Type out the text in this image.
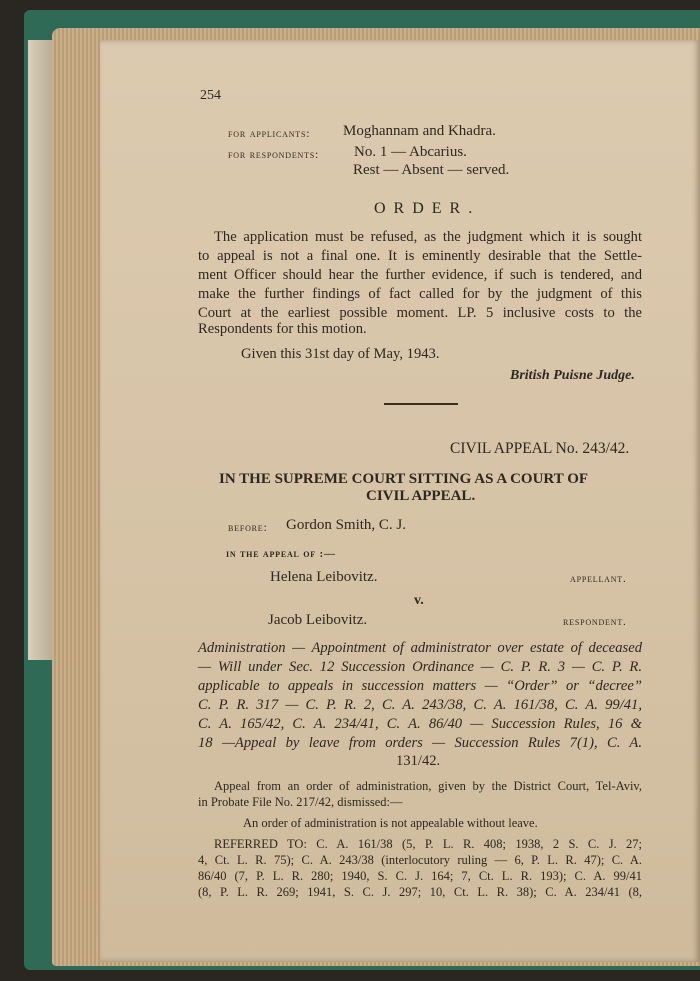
254
for applicants: Moghannam and Khadra.
for respondents: No. 1 — Abcarius.
Rest — Absent — served.
O R D E R .
The application must be refused, as the judgment which it is sought
to appeal is not a final one. It is eminently desirable that the Settle-
ment Officer should hear the further evidence, if such is tendered, and
make the further findings of fact called for by the judgment of this
Court at the earliest possible moment. LP. 5 inclusive costs to the
Respondents for this motion.
Given this 31st day of May, 1943.
British Puisne Judge.
CIVIL APPEAL No. 243/42.
IN THE SUPREME COURT SITTING AS A COURT OF
CIVIL APPEAL.
before: Gordon Smith, C. J.
in the appeal of :—
Helena Leibovitz.	appellant.
v.
Jacob Leibovitz.	respondent.
Administration — Appointment of administrator over estate of deceased
— Will under Sec. 12 Succession Ordinance — C. P. R. 3 — C. P. R.
applicable to appeals in succession matters — “Order” or “decree”
C. P. R. 317 — C. P. R. 2, C. A. 243/38, C. A. 161/38, C. A. 99/41,
C. A. 165/42, C. A. 234/41, C. A. 86/40 — Succession Rules, 16 &
18 —Appeal by leave from orders — Succession Rules 7(1), C. A.
131/42.
Appeal from an order of administration, given by the District Court, Tel-Aviv,
in Probate File No. 217/42, dismissed:—
An order of administration is not appealable without leave.
REFERRED TO: C. A. 161/38 (5, P. L. R. 408; 1938, 2 S. C. J. 27;
4, Ct. L. R. 75); C. A. 243/38 (interlocutory ruling — 6, P. L. R. 47); C. A.
86/40 (7, P. L. R. 280; 1940, S. C. J. 164; 7, Ct. L. R. 193); C. A. 99/41
(8, P. L. R. 269; 1941, S. C. J. 297; 10, Ct. L. R. 38); C. A. 234/41 (8,
